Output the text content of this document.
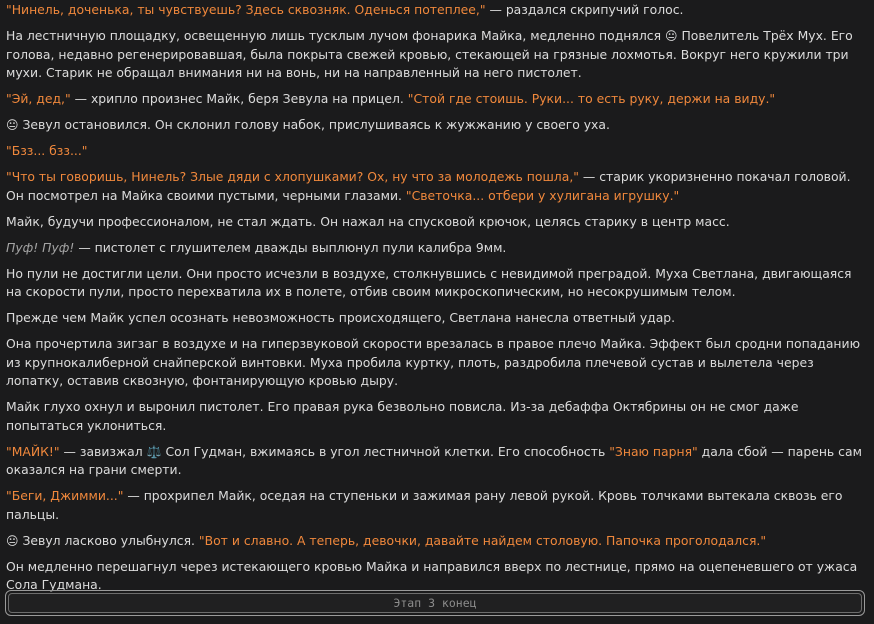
"Нинель, доченька, ты чувствуешь? Здесь сквозняк. Оденься потеплее," — раздался скрипучий голос.
На лестничную площадку, освещенную лишь тусклым лучом фонарика Майка, медленно поднялся 😐 Повелитель Трёх Мух. Его голова, недавно регенерировавшая, была покрыта свежей кровью, стекающей на грязные лохмотья. Вокруг него кружили три мухи. Старик не обращал внимания ни на вонь, ни на направленный на него пистолет.
"Эй, дед," — хрипло произнес Майк, беря Зевула на прицел. "Стой где стоишь. Руки... то есть руку, держи на виду."
😐 Зевул остановился. Он склонил голову набок, прислушиваясь к жужжанию у своего уха.
"Бзз... бзз..."
"Что ты говоришь, Нинель? Злые дяди с хлопушками? Ох, ну что за молодежь пошла," — старик укоризненно покачал головой. Он посмотрел на Майка своими пустыми, черными глазами. "Светочка... отбери у хулигана игрушку."
Майк, будучи профессионалом, не стал ждать. Он нажал на спусковой крючок, целясь старику в центр масс.
Пуф! Пуф! — пистолет с глушителем дважды выплюнул пули калибра 9мм.
Но пули не достигли цели. Они просто исчезли в воздухе, столкнувшись с невидимой преградой. Муха Светлана, двигающаяся на скорости пули, просто перехватила их в полете, отбив своим микроскопическим, но несокрушимым телом.
Прежде чем Майк успел осознать невозможность происходящего, Светлана нанесла ответный удар.
Она прочертила зигзаг в воздухе и на гиперзвуковой скорости врезалась в правое плечо Майка. Эффект был сродни попаданию из крупнокалиберной снайперской винтовки. Муха пробила куртку, плоть, раздробила плечевой сустав и вылетела через лопатку, оставив сквозную, фонтанирующую кровью дыру.
Майк глухо охнул и выронил пистолет. Его правая рука безвольно повисла. Из-за дебаффа Октябрины он не смог даже попытаться уклониться.
"МАЙК!" — завизжал ⚖️ Сол Гудман, вжимаясь в угол лестничной клетки. Его способность "Знаю парня" дала сбой — парень сам оказался на грани смерти.
"Беги, Джимми..." — прохрипел Майк, оседая на ступеньки и зажимая рану левой рукой. Кровь толчками вытекала сквозь его пальцы.
😐 Зевул ласково улыбнулся. "Вот и славно. А теперь, девочки, давайте найдем столовую. Папочка проголодался."
Он медленно перешагнул через истекающего кровью Майка и направился вверх по лестнице, прямо на оцепеневшего от ужаса Сола Гудмана.
Этап 3 конец
